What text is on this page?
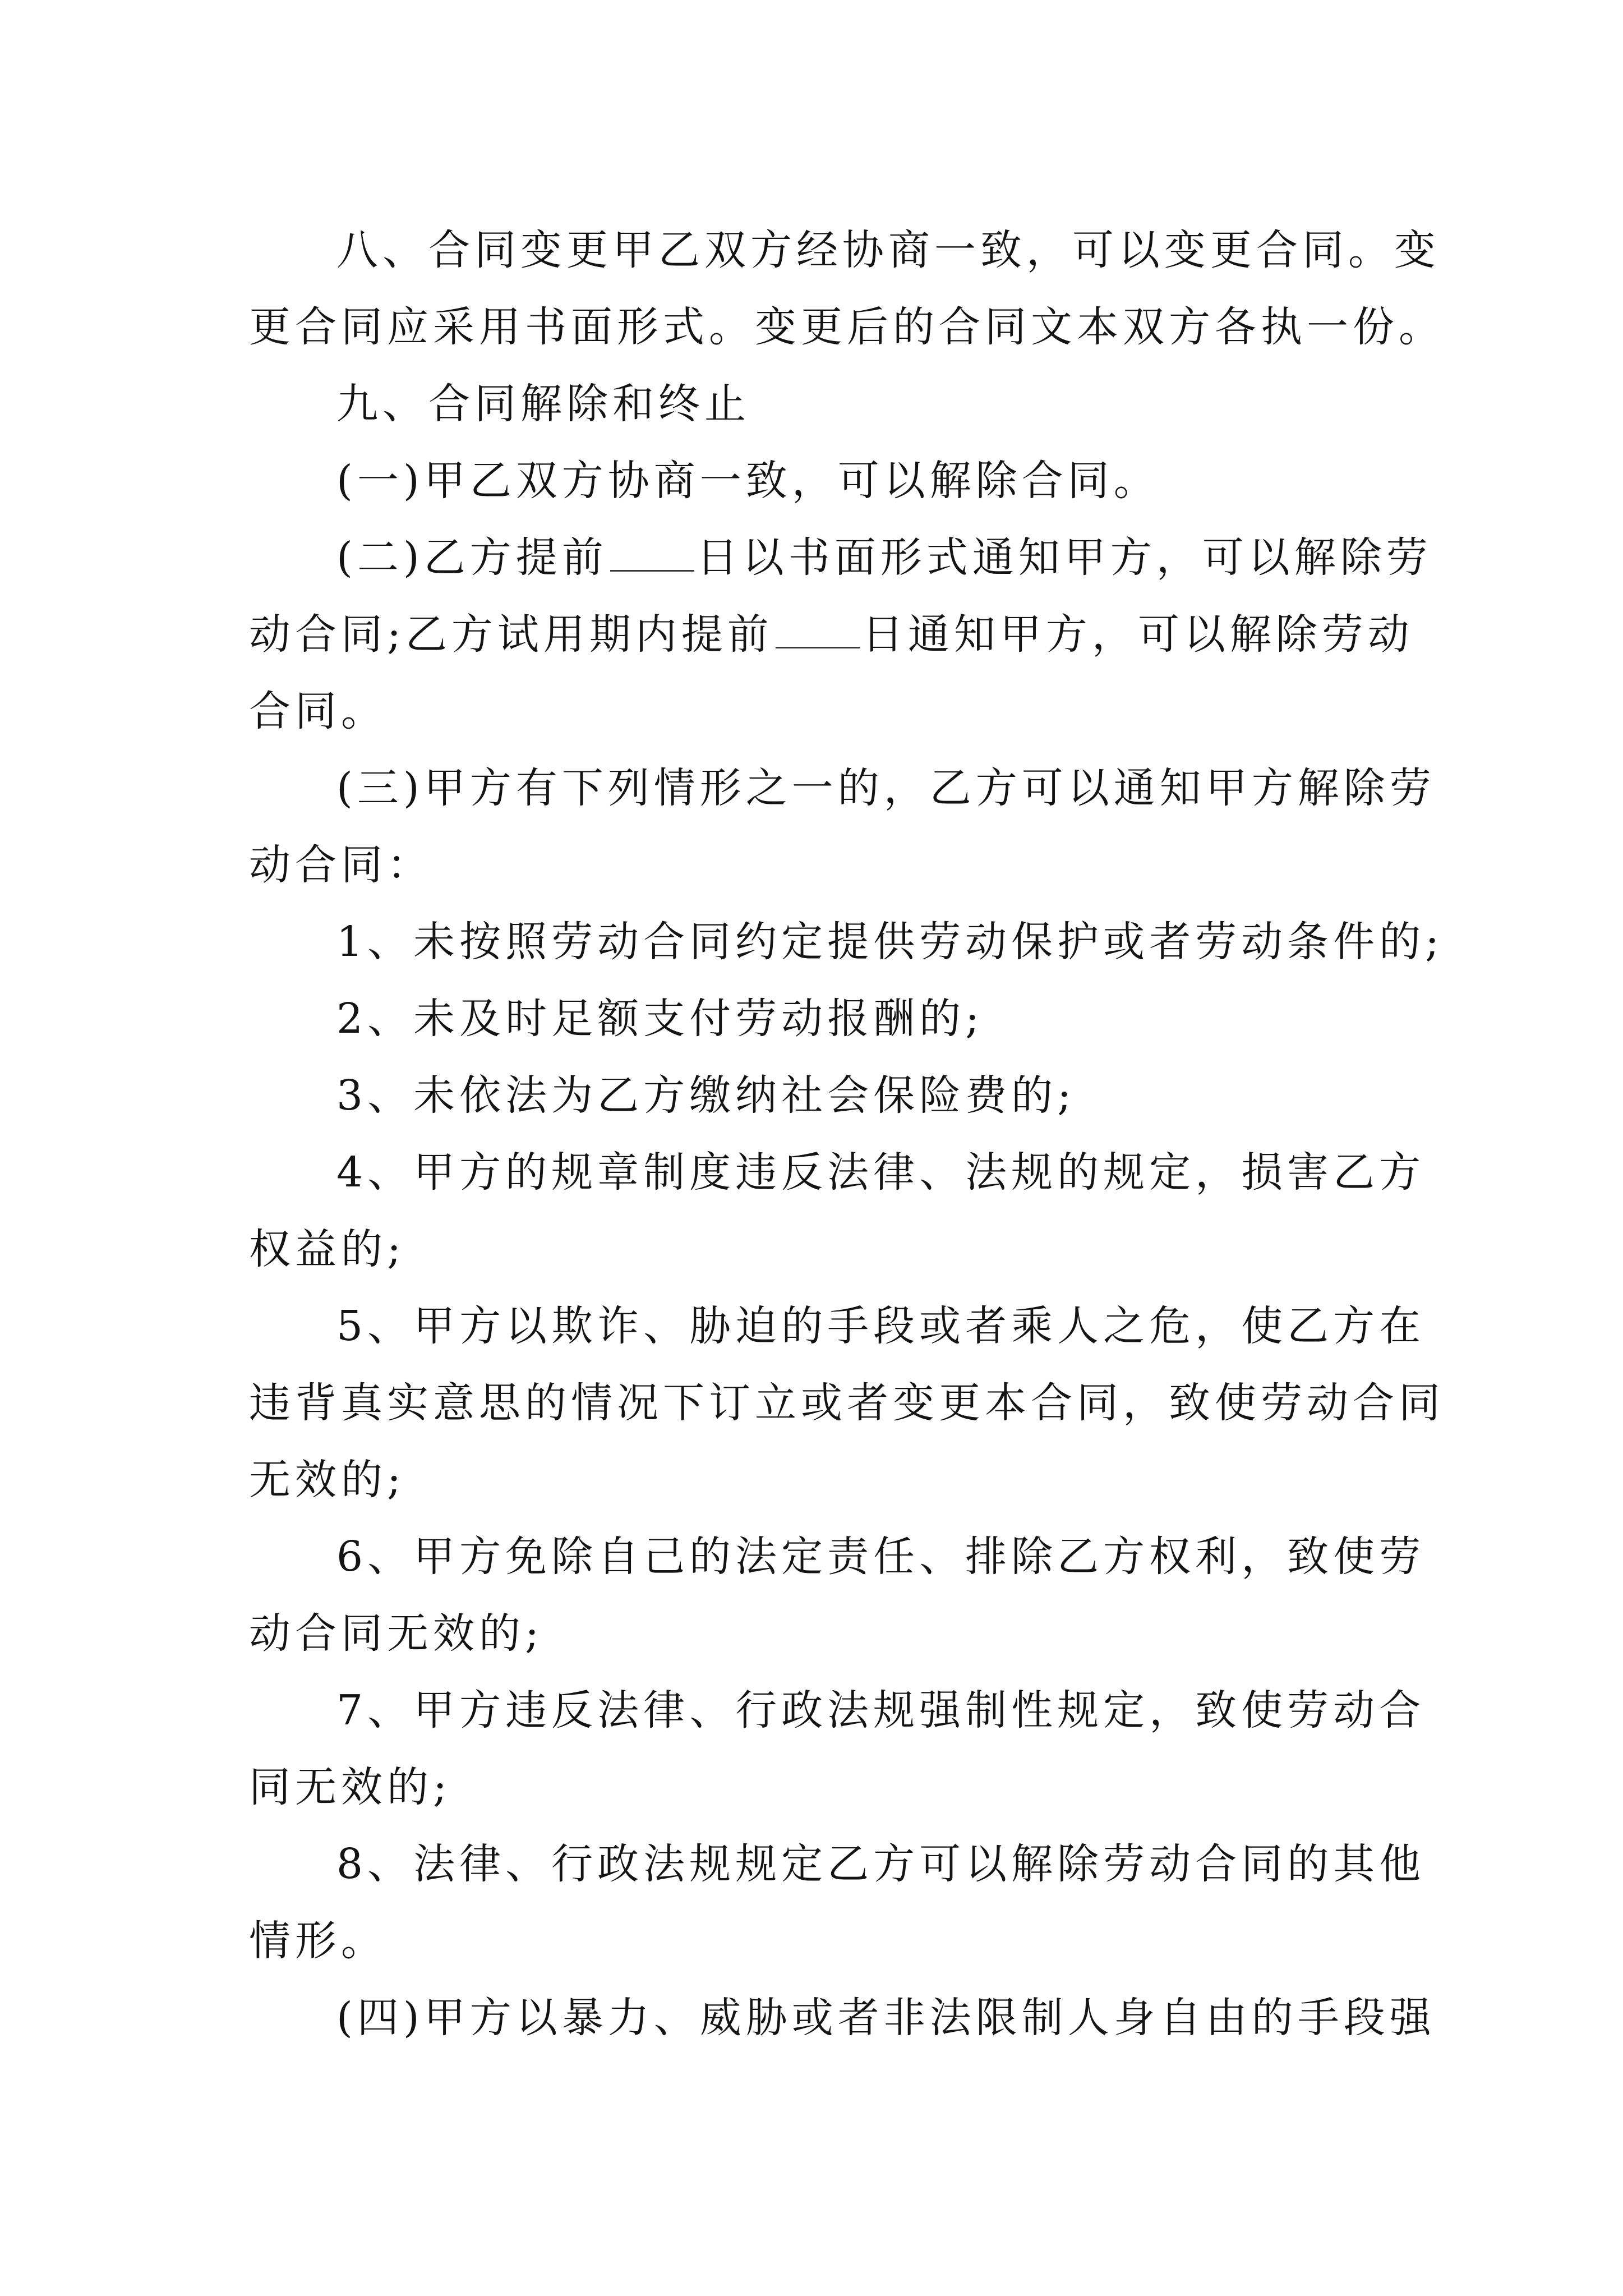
八、合同变更甲乙双方经协商一致，可以变更合同。变
更合同应采用书面形式。变更后的合同文本双方各执一份。

九、合同解除和终止

(一)甲乙双方协商一致，可以解除合同。

(二)乙方提前 日以书面形式通知甲方，可以解除劳
动合同;乙方试用期内提前 日通知甲方，可以解除劳动
合同。

(三)甲方有下列情形之一的，乙方可以通知甲方解除劳
动合同：

1、未按照劳动合同约定提供劳动保护或者劳动条件的;

2、未及时足额支付劳动报酬的;

3、未依法为乙方缴纳社会保险费的;

4、甲方的规章制度违反法律、法规的规定，损害乙方
权益的;

5、甲方以欺诈、胁迫的手段或者乘人之危，使乙方在
违背真实意思的情况下订立或者变更本合同，致使劳动合同
无效的;

6、甲方免除自己的法定责任、排除乙方权利，致使劳
动合同无效的;

7、甲方违反法律、行政法规强制性规定，致使劳动合
同无效的;

8、法律、行政法规规定乙方可以解除劳动合同的其他
情形。

(四)甲方以暴力、威胁或者非法限制人身自由的手段强
